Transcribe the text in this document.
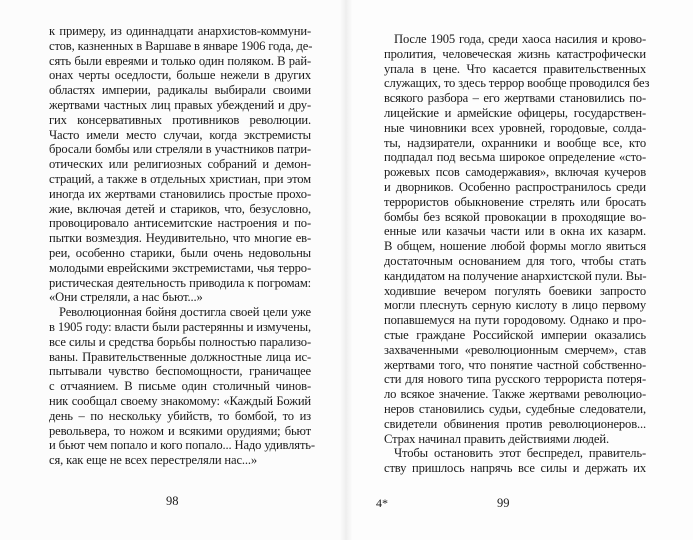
к примеру, из одиннадцати анархистов-коммуни-
стов, казненных в Варшаве в январе 1906 года, де-
сять были евреями и только один поляком. В рай-
онах черты оседлости, больше нежели в других
областях империи, радикалы выбирали своими
жертвами частных лиц правых убеждений и дру-
гих консервативных противников революции.
Часто имели место случаи, когда экстремисты
бросали бомбы или стреляли в участников патри-
отических или религиозных собраний и демон-
страций, а также в отдельных христиан, при этом
иногда их жертвами становились простые прохо-
жие, включая детей и стариков, что, безусловно,
провоцировало антисемитские настроения и по-
пытки возмездия. Неудивительно, что многие ев-
реи, особенно старики, были очень недовольны
молодыми еврейскими экстремистами, чья терро-
ристическая деятельность приводила к погромам:
«Они стреляли, а нас бьют...»
Революционная бойня достигла своей цели уже
в 1905 году: власти были растерянны и измучены,
все силы и средства борьбы полностью парализо-
ваны. Правительственные должностные лица ис-
пытывали чувство беспомощности, граничащее
с отчаянием. В письме один столичный чинов-
ник сообщал своему знакомому: «Каждый Божий
день – по нескольку убийств, то бомбой, то из
револьвера, то ножом и всякими орудиями; бьют
и бьют чем попало и кого попало... Надо удивлять-
ся, как еще не всех перестреляли нас...»
98
После 1905 года, среди хаоса насилия и крово-
пролития, человеческая жизнь катастрофически
упала в цене. Что касается правительственных
служащих, то здесь террор вообще проводился без
всякого разбора – его жертвами становились по-
лицейские и армейские офицеры, государствен-
ные чиновники всех уровней, городовые, солда-
ты, надзиратели, охранники и вообще все, кто
подпадал под весьма широкое определение «сто-
рожевых псов самодержавия», включая кучеров
и дворников. Особенно распространилось среди
террористов обыкновение стрелять или бросать
бомбы без всякой провокации в проходящие во-
енные или казачьи части или в окна их казарм.
В общем, ношение любой формы могло явиться
достаточным основанием для того, чтобы стать
кандидатом на получение анархистской пули. Вы-
ходившие вечером погулять боевики запросто
могли плеснуть серную кислоту в лицо первому
попавшемуся на пути городовому. Однако и про-
стые граждане Российской империи оказались
захваченными «революционным смерчем», став
жертвами того, что понятие частной собственно-
сти для нового типа русского террориста потеря-
ло всякое значение. Также жертвами революцио-
неров становились судьи, судебные следователи,
свидетели обвинения против революционеров...
Страх начинал править действиями людей.
Чтобы остановить этот беспредел, правитель-
ству пришлось напрячь все силы и держать их
4*	99
